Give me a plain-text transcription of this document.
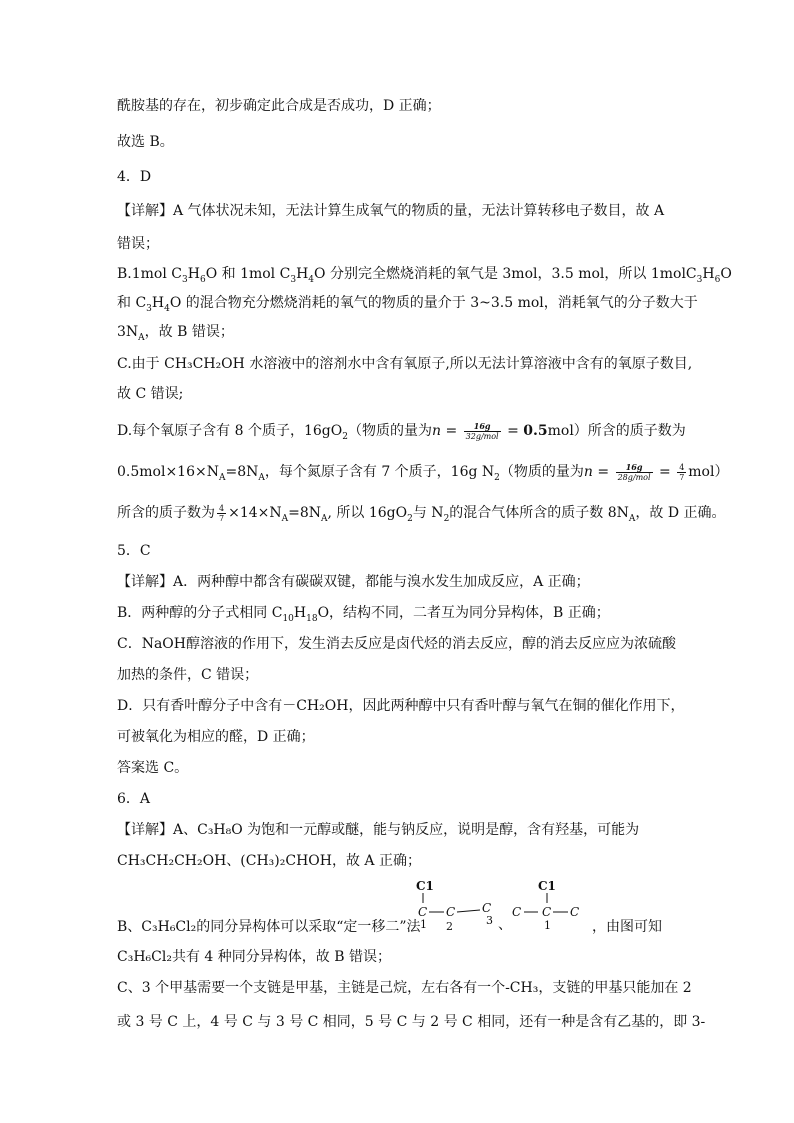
酰胺基的存在，初步确定此合成是否成功，D 正确；
故选 B。
4．D
【详解】A 气体状况未知，无法计算生成氧气的物质的量，无法计算转移电子数目，故 A
错误；
B.1mol $C_3H_6O$ 和 1mol $C_3H_4O$ 分别完全燃烧消耗的氧气是 3mol，3.5 mol，所以 $1molC_3H_6O$
和 $C_3H_4O$ 的混合物充分燃烧消耗的氧气的物质的量介于 3~3.5 mol，消耗氧气的分子数大于
$3N_A$，故 B 错误；
C.由于 CH₃CH₂OH 水溶液中的溶剂水中含有氧原子,所以无法计算溶液中含有的氧原子数目,
故 C 错误;
D.每个氧原子含有 8 个质子，$16gO_2$（物质的量为n =	16g
32g/mol = 0.5mol）所含的质子数为
$0.5mol\times 16\times N_A=8N_A$，每个氮原子含有 7 个质子，16g $N_2$（物质的量为n =	16g
$28g/mol = \frac{4}{7} mol$）
所含的质子数为 $\frac{4}{7} \times 14\times N_A=8N_A$, 所以 $16gO_2$与 $N_2$的混合气体所含的质子数 $8N_A$，故 D 正确。
5．C
【详解】A．两种醇中都含有碳碳双键，都能与溴水发生加成反应，A 正确；
B．两种醇的分子式相同 $C_{10}H_{18}O$，结构不同，二者互为同分异构体，B 正确；
C．NaOH醇溶液的作用下，发生消去反应是卤代烃的消去反应，醇的消去反应应为浓硫酸
加热的条件，C 错误；
D．只有香叶醇分子中含有－CH₂OH，因此两种醇中只有香叶醇与氧气在铜的催化作用下，
可被氧化为相应的醛，D 正确；
答案选 C。
6．A
【详解】A、C₃H₈O 为饱和一元醇或醚，能与钠反应，说明是醇，含有羟基，可能为
CH₃CH₂CH₂OH、(CH₃)₂CHOH，故 A 正确；
B、C₃H₆Cl₂的同分异构体可以采取“定一移二”法	、	，由图可知
C1
C C C
1 2	3
C
C1
C C
1
C₃H₆Cl₂共有 4 种同分异构体，故 B 错误；
C、3 个甲基需要一个支链是甲基，主链是己烷，左右各有一个-CH₃，支链的甲基只能加在 2
或 3 号 C 上，4 号 C 与 3 号 C 相同，5 号 C 与 2 号 C 相同，还有一种是含有乙基的，即 3-
